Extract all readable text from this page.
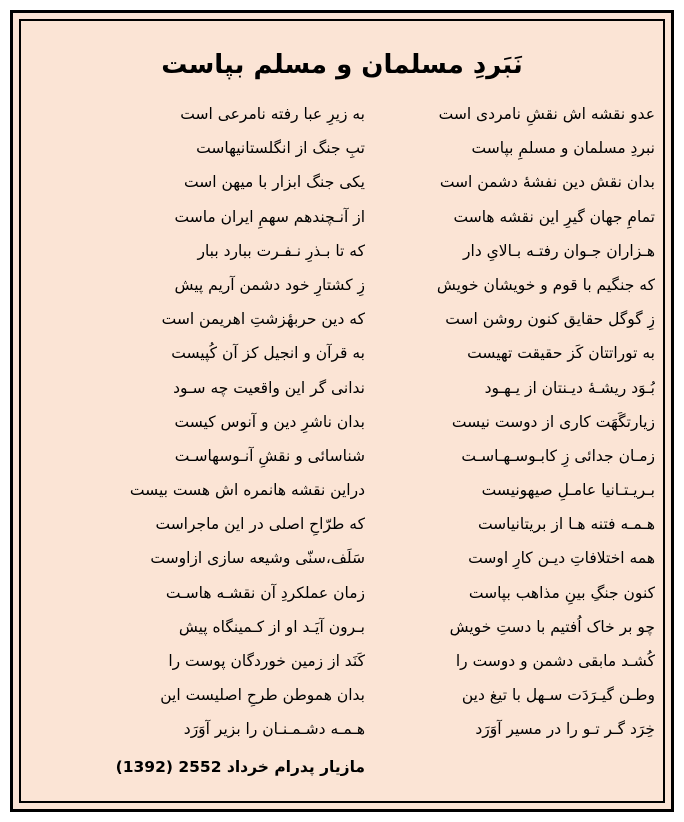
نَبَردِ مسلمان و مسلم بپاست
عدو نقشه اش نقشِ نامردی است
نبردِ مسلمان و مسلمِ بپاست
بدان نقش دین نفشهٔ دشمن است
تمامِ جهان گیرِ این نقشه هاست
هـزاران جـوان رفتـه بـالایِ دار
که جنگیم با قوم و خویشان خویش
زِ گوگل حقایق کنون روشن است
به توراتتان کَز حقیقت تهیست
بُـوَد ریشـهٔ دیـنتان از یـهـود
زیارتگَهَت کاری از دوست نیست
زمـان جدائی زِ کابـوسـهـاسـت
بـریـتـانیا عامـلِ صیهونیست
هـمـه فتنه هـا از بریتانیاست
همه اختلافاتِ دیـن کارِ اوست
کنون جنگِ بینِ مذاهب بپاست
چو بر خاک اُفتیم با دستِ خویش
کُشـد مابقی دشمن و دوست را
وطـن گیـرَدَت سـهل با تیغ دین
خِرَد گـر تـو را در مسیر آوَرَد
به زیرِ عبا رفته نامرعی است
تبِ جنگ از انگلستانیهاست
یکی جنگ ابزار با میهن است
از آنـچندهم سهمِ ایران ماست
که تا بـذرِ نـفـرت ببارد ببار
زِ کشتارِ خود دشمن آریم پیش
که دین حربهٔزشتِ اهریمن است
به قرآن و انجیل کز آن کُپیست
ندانی گر این واقعیت چه سـود
بدان ناشرِ دین و آنوس کیست
شناسائی و نقشِ آنـوسهاسـت
دراین نقشه هانمره اش هست بیست
که طرّاحِ اصلی در این ماجراست
سَلَف،سنّی وشیعه سازی ازاوست
زمان عملکردِ آن نقشـه هاسـت
بـرون آیَـد او از کـمینگاه پیش
کَنَد از زمین خوردگان پوست را
بدان هموطن طرحِ اصلیست این
هـمـه دشـمـنـان را بزیر آوَرَد
مازیار پدرام خرداد 2552 (1392)
